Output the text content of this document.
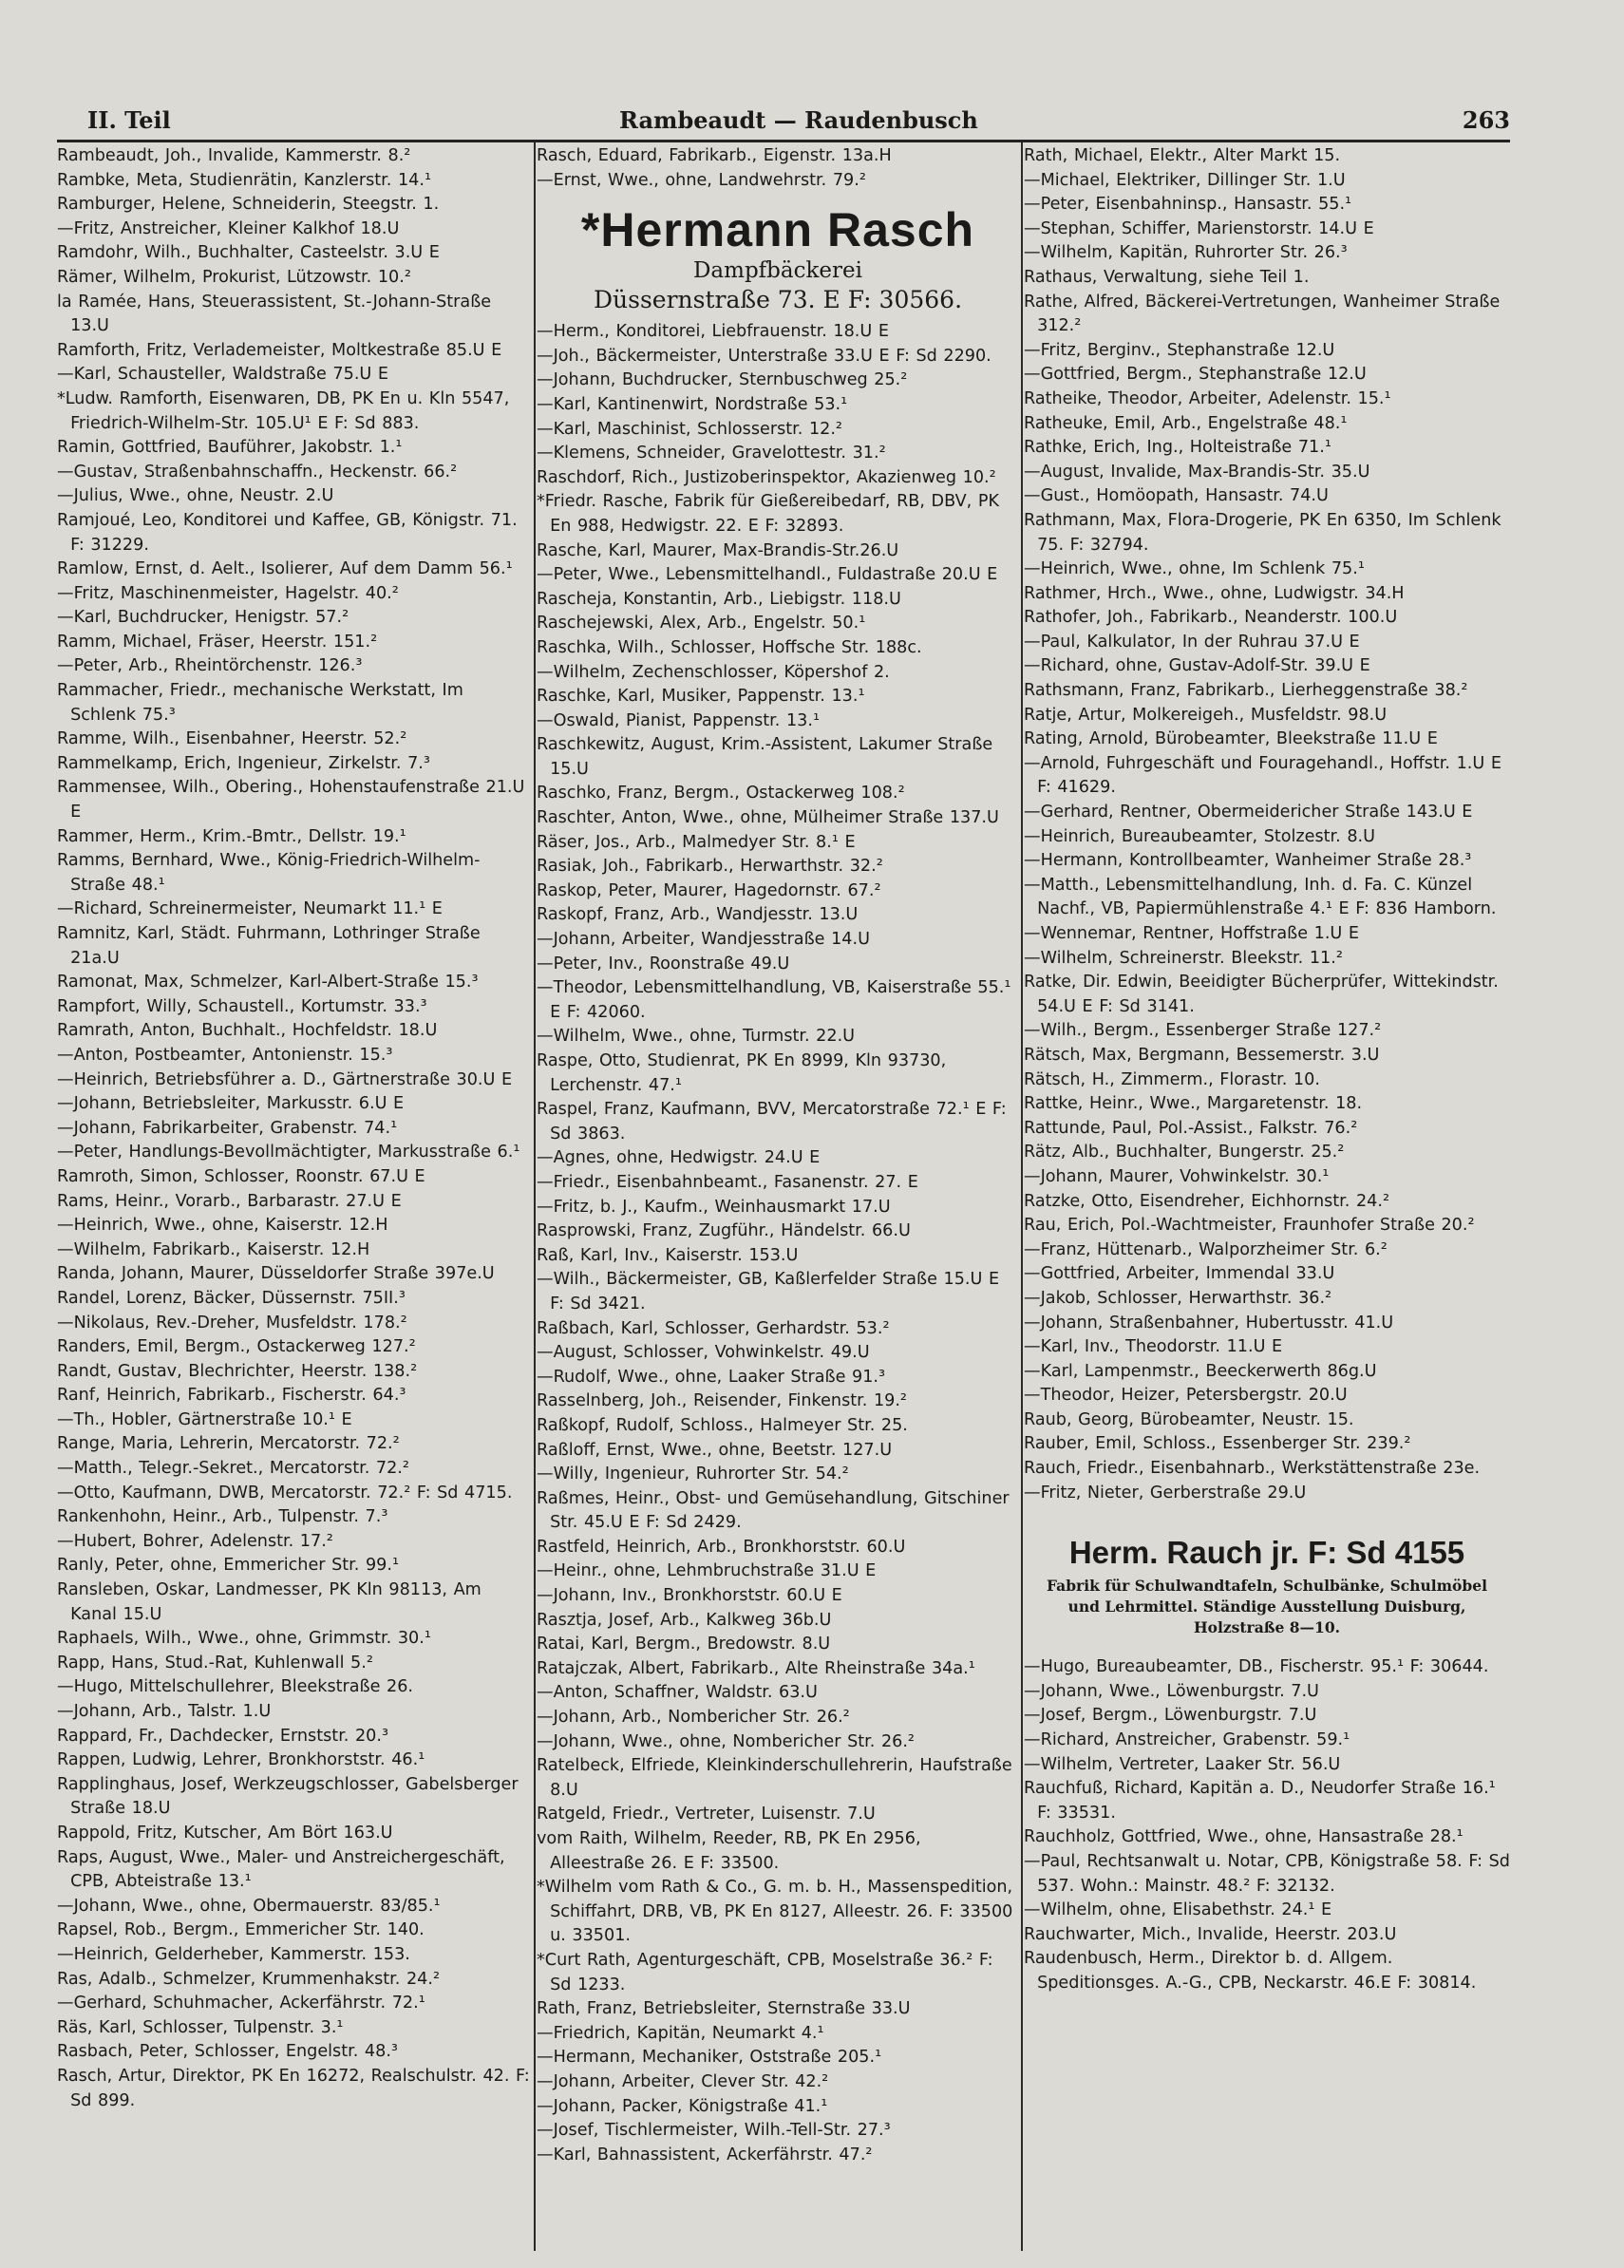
II. Teil	Rambeaudt — Raudenbusch	263
Rambeaudt, Joh., Invalide, Kammerstr. 8.²
Rambke, Meta, Studienrätin, Kanzlerstr. 14.¹
Ramburger, Helene, Schneiderin, Steegstr. 1.
—Fritz, Anstreicher, Kleiner Kalkhof 18.U
Ramdohr, Wilh., Buchhalter, Casteelstr. 3.U E
Rämer, Wilhelm, Prokurist, Lützowstr. 10.²
la Ramée, Hans, Steuerassistent, St.-Johann-Straße 13.U
Ramforth, Fritz, Verlademeister, Moltkestraße 85.U E
—Karl, Schausteller, Waldstraße 75.U E
*Ludw. Ramforth, Eisenwaren, DB, PK En u. Kln 5547, Friedrich-Wilhelm-Str. 105.U¹ E F: Sd 883.
Ramin, Gottfried, Bauführer, Jakobstr. 1.¹
—Gustav, Straßenbahnschaffn., Heckenstr. 66.²
—Julius, Wwe., ohne, Neustr. 2.U
Ramjoué, Leo, Konditorei und Kaffee, GB, Königstr. 71. F: 31229.
Ramlow, Ernst, d. Aelt., Isolierer, Auf dem Damm 56.¹
—Fritz, Maschinenmeister, Hagelstr. 40.²
—Karl, Buchdrucker, Henigstr. 57.²
Ramm, Michael, Fräser, Heerstr. 151.²
—Peter, Arb., Rheintörchenstr. 126.³
Rammacher, Friedr., mechanische Werkstatt, Im Schlenk 75.³
Ramme, Wilh., Eisenbahner, Heerstr. 52.²
Rammelkamp, Erich, Ingenieur, Zirkelstr. 7.³
Rammensee, Wilh., Obering., Hohenstaufenstraße 21.U E
Rammer, Herm., Krim.-Bmtr., Dellstr. 19.¹
Ramms, Bernhard, Wwe., König-Friedrich-Wilhelm-Straße 48.¹
—Richard, Schreinermeister, Neumarkt 11.¹ E
Ramnitz, Karl, Städt. Fuhrmann, Lothringer Straße 21a.U
Ramonat, Max, Schmelzer, Karl-Albert-Straße 15.³
Rampfort, Willy, Schaustell., Kortumstr. 33.³
Ramrath, Anton, Buchhalt., Hochfeldstr. 18.U
—Anton, Postbeamter, Antonienstr. 15.³
—Heinrich, Betriebsführer a. D., Gärtnerstraße 30.U E
—Johann, Betriebsleiter, Markusstr. 6.U E
—Johann, Fabrikarbeiter, Grabenstr. 74.¹
—Peter, Handlungs-Bevollmächtigter, Markusstraße 6.¹
Ramroth, Simon, Schlosser, Roonstr. 67.U E
Rams, Heinr., Vorarb., Barbarastr. 27.U E
—Heinrich, Wwe., ohne, Kaiserstr. 12.H
—Wilhelm, Fabrikarb., Kaiserstr. 12.H
Randa, Johann, Maurer, Düsseldorfer Straße 397e.U
Randel, Lorenz, Bäcker, Düssernstr. 75II.³
—Nikolaus, Rev.-Dreher, Musfeldstr. 178.²
Randers, Emil, Bergm., Ostackerweg 127.²
Randt, Gustav, Blechrichter, Heerstr. 138.²
Ranf, Heinrich, Fabrikarb., Fischerstr. 64.³
—Th., Hobler, Gärtnerstraße 10.¹ E
Range, Maria, Lehrerin, Mercatorstr. 72.²
—Matth., Telegr.-Sekret., Mercatorstr. 72.²
—Otto, Kaufmann, DWB, Mercatorstr. 72.² F: Sd 4715.
Rankenhohn, Heinr., Arb., Tulpenstr. 7.³
—Hubert, Bohrer, Adelenstr. 17.²
Ranly, Peter, ohne, Emmericher Str. 99.¹
Ransleben, Oskar, Landmesser, PK Kln 98113, Am Kanal 15.U
Raphaels, Wilh., Wwe., ohne, Grimmstr. 30.¹
Rapp, Hans, Stud.-Rat, Kuhlenwall 5.²
—Hugo, Mittelschullehrer, Bleekstraße 26.
—Johann, Arb., Talstr. 1.U
Rappard, Fr., Dachdecker, Ernststr. 20.³
Rappen, Ludwig, Lehrer, Bronkhorststr. 46.¹
Rapplinghaus, Josef, Werkzeugschlosser, Gabelsberger Straße 18.U
Rappold, Fritz, Kutscher, Am Bört 163.U
Raps, August, Wwe., Maler- und Anstreichergeschäft, CPB, Abteistraße 13.¹
—Johann, Wwe., ohne, Obermauerstr. 83/85.¹
Rapsel, Rob., Bergm., Emmericher Str. 140.
—Heinrich, Gelderheber, Kammerstr. 153.
Ras, Adalb., Schmelzer, Krummenhakstr. 24.²
—Gerhard, Schuhmacher, Ackerfährstr. 72.¹
Räs, Karl, Schlosser, Tulpenstr. 3.¹
Rasbach, Peter, Schlosser, Engelstr. 48.³
Rasch, Artur, Direktor, PK En 16272, Realschulstr. 42. F: Sd 899.
Rasch, Eduard, Fabrikarb., Eigenstr. 13a.H
—Ernst, Wwe., ohne, Landwehrstr. 79.²
*Hermann Rasch
Dampfbäckerei
Düssernstraße 73. E F: 30566.
—Herm., Konditorei, Liebfrauenstr. 18.U E
—Joh., Bäckermeister, Unterstraße 33.U E F: Sd 2290.
—Johann, Buchdrucker, Sternbuschweg 25.²
—Karl, Kantinenwirt, Nordstraße 53.¹
—Karl, Maschinist, Schlosserstr. 12.²
—Klemens, Schneider, Gravelottestr. 31.²
Raschdorf, Rich., Justizoberinspektor, Akazienweg 10.²
*Friedr. Rasche, Fabrik für Gießereibedarf, RB, DBV, PK En 988, Hedwigstr. 22. E F: 32893.
Rasche, Karl, Maurer, Max-Brandis-Str.26.U
—Peter, Wwe., Lebensmittelhandl., Fuldastraße 20.U E
Rascheja, Konstantin, Arb., Liebigstr. 118.U
Raschejewski, Alex, Arb., Engelstr. 50.¹
Raschka, Wilh., Schlosser, Hoffsche Str. 188c.
—Wilhelm, Zechenschlosser, Köpershof 2.
Raschke, Karl, Musiker, Pappenstr. 13.¹
—Oswald, Pianist, Pappenstr. 13.¹
Raschkewitz, August, Krim.-Assistent, Lakumer Straße 15.U
Raschko, Franz, Bergm., Ostackerweg 108.²
Raschter, Anton, Wwe., ohne, Mülheimer Straße 137.U
Räser, Jos., Arb., Malmedyer Str. 8.¹ E
Rasiak, Joh., Fabrikarb., Herwarthstr. 32.²
Raskop, Peter, Maurer, Hagedornstr. 67.²
Raskopf, Franz, Arb., Wandjesstr. 13.U
—Johann, Arbeiter, Wandjesstraße 14.U
—Peter, Inv., Roonstraße 49.U
—Theodor, Lebensmittelhandlung, VB, Kaiserstraße 55.¹ E F: 42060.
—Wilhelm, Wwe., ohne, Turmstr. 22.U
Raspe, Otto, Studienrat, PK En 8999, Kln 93730, Lerchenstr. 47.¹
Raspel, Franz, Kaufmann, BVV, Mercatorstraße 72.¹ E F: Sd 3863.
—Agnes, ohne, Hedwigstr. 24.U E
—Friedr., Eisenbahnbeamt., Fasanenstr. 27. E
—Fritz, b. J., Kaufm., Weinhausmarkt 17.U
Rasprowski, Franz, Zugführ., Händelstr. 66.U
Raß, Karl, Inv., Kaiserstr. 153.U
—Wilh., Bäckermeister, GB, Kaßlerfelder Straße 15.U E F: Sd 3421.
Raßbach, Karl, Schlosser, Gerhardstr. 53.²
—August, Schlosser, Vohwinkelstr. 49.U
—Rudolf, Wwe., ohne, Laaker Straße 91.³
Rasselnberg, Joh., Reisender, Finkenstr. 19.²
Raßkopf, Rudolf, Schloss., Halmeyer Str. 25.
Raßloff, Ernst, Wwe., ohne, Beetstr. 127.U
—Willy, Ingenieur, Ruhrorter Str. 54.²
Raßmes, Heinr., Obst- und Gemüsehandlung, Gitschiner Str. 45.U E F: Sd 2429.
Rastfeld, Heinrich, Arb., Bronkhorststr. 60.U
—Heinr., ohne, Lehmbruchstraße 31.U E
—Johann, Inv., Bronkhorststr. 60.U E
Rasztja, Josef, Arb., Kalkweg 36b.U
Ratai, Karl, Bergm., Bredowstr. 8.U
Ratajczak, Albert, Fabrikarb., Alte Rheinstraße 34a.¹
—Anton, Schaffner, Waldstr. 63.U
—Johann, Arb., Nombericher Str. 26.²
—Johann, Wwe., ohne, Nombericher Str. 26.²
Ratelbeck, Elfriede, Kleinkinderschullehrerin, Haufstraße 8.U
Ratgeld, Friedr., Vertreter, Luisenstr. 7.U
vom Raith, Wilhelm, Reeder, RB, PK En 2956, Alleestraße 26. E F: 33500.
*Wilhelm vom Rath & Co., G. m. b. H., Massenspedition, Schiffahrt, DRB, VB, PK En 8127, Alleestr. 26. F: 33500 u. 33501.
*Curt Rath, Agenturgeschäft, CPB, Moselstraße 36.² F: Sd 1233.
Rath, Franz, Betriebsleiter, Sternstraße 33.U
—Friedrich, Kapitän, Neumarkt 4.¹
—Hermann, Mechaniker, Oststraße 205.¹
—Johann, Arbeiter, Clever Str. 42.²
—Johann, Packer, Königstraße 41.¹
—Josef, Tischlermeister, Wilh.-Tell-Str. 27.³
—Karl, Bahnassistent, Ackerfährstr. 47.²
Rath, Michael, Elektr., Alter Markt 15.
—Michael, Elektriker, Dillinger Str. 1.U
—Peter, Eisenbahninsp., Hansastr. 55.¹
—Stephan, Schiffer, Marienstorstr. 14.U E
—Wilhelm, Kapitän, Ruhrorter Str. 26.³
Rathaus, Verwaltung, siehe Teil 1.
Rathe, Alfred, Bäckerei-Vertretungen, Wanheimer Straße 312.²
—Fritz, Berginv., Stephanstraße 12.U
—Gottfried, Bergm., Stephanstraße 12.U
Ratheike, Theodor, Arbeiter, Adelenstr. 15.¹
Ratheuke, Emil, Arb., Engelstraße 48.¹
Rathke, Erich, Ing., Holteistraße 71.¹
—August, Invalide, Max-Brandis-Str. 35.U
—Gust., Homöopath, Hansastr. 74.U
Rathmann, Max, Flora-Drogerie, PK En 6350, Im Schlenk 75. F: 32794.
—Heinrich, Wwe., ohne, Im Schlenk 75.¹
Rathmer, Hrch., Wwe., ohne, Ludwigstr. 34.H
Rathofer, Joh., Fabrikarb., Neanderstr. 100.U
—Paul, Kalkulator, In der Ruhrau 37.U E
—Richard, ohne, Gustav-Adolf-Str. 39.U E
Rathsmann, Franz, Fabrikarb., Lierheggenstraße 38.²
Ratje, Artur, Molkereigeh., Musfeldstr. 98.U
Rating, Arnold, Bürobeamter, Bleekstraße 11.U E
—Arnold, Fuhrgeschäft und Fouragehandl., Hoffstr. 1.U E F: 41629.
—Gerhard, Rentner, Obermeidericher Straße 143.U E
—Heinrich, Bureaubeamter, Stolzestr. 8.U
—Hermann, Kontrollbeamter, Wanheimer Straße 28.³
—Matth., Lebensmittelhandlung, Inh. d. Fa. C. Künzel Nachf., VB, Papiermühlenstraße 4.¹ E F: 836 Hamborn.
—Wennemar, Rentner, Hoffstraße 1.U E
—Wilhelm, Schreinerstr. Bleekstr. 11.²
Ratke, Dir. Edwin, Beeidigter Bücherprüfer, Wittekindstr. 54.U E F: Sd 3141.
—Wilh., Bergm., Essenberger Straße 127.²
Rätsch, Max, Bergmann, Bessemerstr. 3.U
Rätsch, H., Zimmerm., Florastr. 10.
Rattke, Heinr., Wwe., Margaretenstr. 18.
Rattunde, Paul, Pol.-Assist., Falkstr. 76.²
Rätz, Alb., Buchhalter, Bungerstr. 25.²
—Johann, Maurer, Vohwinkelstr. 30.¹
Ratzke, Otto, Eisendreher, Eichhornstr. 24.²
Rau, Erich, Pol.-Wachtmeister, Fraunhofer Straße 20.²
—Franz, Hüttenarb., Walporzheimer Str. 6.²
—Gottfried, Arbeiter, Immendal 33.U
—Jakob, Schlosser, Herwarthstr. 36.²
—Johann, Straßenbahner, Hubertusstr. 41.U
—Karl, Inv., Theodorstr. 11.U E
—Karl, Lampenmstr., Beeckerwerth 86g.U
—Theodor, Heizer, Petersbergstr. 20.U
Raub, Georg, Bürobeamter, Neustr. 15.
Rauber, Emil, Schloss., Essenberger Str. 239.²
Rauch, Friedr., Eisenbahnarb., Werkstättenstraße 23e.
—Fritz, Nieter, Gerberstraße 29.U
Herm. Rauch jr. F: Sd 4155
Fabrik für Schulwandtafeln, Schulbänke, Schulmöbel und Lehrmittel. Ständige Ausstellung Duisburg, Holzstraße 8—10.
—Hugo, Bureaubeamter, DB., Fischerstr. 95.¹ F: 30644.
—Johann, Wwe., Löwenburgstr. 7.U
—Josef, Bergm., Löwenburgstr. 7.U
—Richard, Anstreicher, Grabenstr. 59.¹
—Wilhelm, Vertreter, Laaker Str. 56.U
Rauchfuß, Richard, Kapitän a. D., Neudorfer Straße 16.¹ F: 33531.
Rauchholz, Gottfried, Wwe., ohne, Hansastraße 28.¹
—Paul, Rechtsanwalt u. Notar, CPB, Königstraße 58. F: Sd 537. Wohn.: Mainstr. 48.² F: 32132.
—Wilhelm, ohne, Elisabethstr. 24.¹ E
Rauchwarter, Mich., Invalide, Heerstr. 203.U
Raudenbusch, Herm., Direktor b. d. Allgem. Speditionsges. A.-G., CPB, Neckarstr. 46.E F: 30814.
